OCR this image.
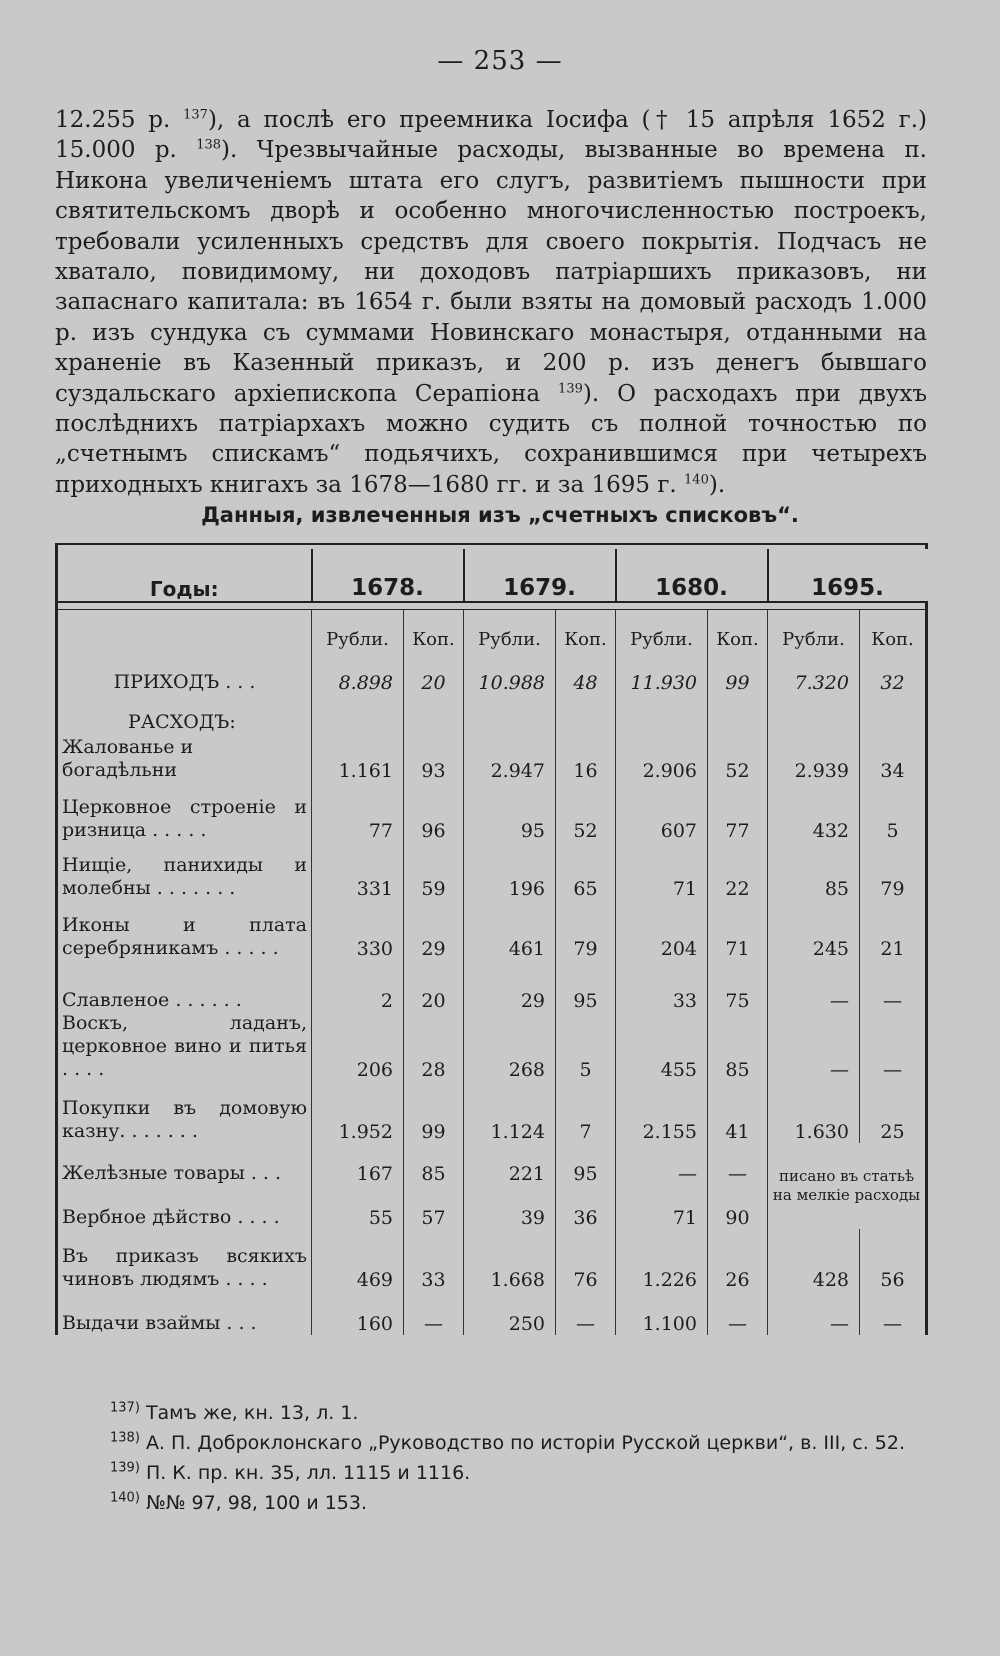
— 253 —

12.255 р. $^{137}$), а послѣ его преемника Іосифа († 15 апрѣля 1652 г.) 15.000 р. $^{138}$). Чрезвычайные расходы, вызванные во времена п. Никона увеличеніемъ штата его слугъ, развитіемъ пышности при святительскомъ дворѣ и особенно многочисленностью построекъ, требовали усиленныхъ средствъ для своего покрытія. Подчасъ не хватало, повидимому, ни доходовъ патріаршихъ приказовъ, ни запаснаго капитала: въ 1654 г. были взяты на домовый расходъ 1.000 р. изъ сундука съ суммами Новинскаго монастыря, отданными на храненіе въ Казенный приказъ, и 200 р. изъ денегъ бывшаго суздальскаго архіепископа Серапіона $^{139}$). О расходахъ при двухъ послѣднихъ патріархахъ можно судить съ полной точностью по „счетнымъ спискамъ“ подьячихъ, сохранившимся при четырехъ приходныхъ книгахъ за 1678—1680 гг. и за 1695 г. $^{140}$).

Данныя, извлеченныя изъ „счетныхъ списковъ“.

Годы:	1678.		1679.		1680.		1695.	

	Рубли.	Коп.	Рубли.	Коп.	Рубли.	Коп.	Рубли.	Коп.
ПРИХОДЪ . . .	8.898	20	10.988	48	11.930	99	7.320	32
РАСХОДЪ:								
Жалованье и богадѣльни	1.161	93	2.947	16	2.906	52	2.939	34
Церковное строеніе и ризница . . . . .	77	96	95	52	607	77	432	5
Нищіе, панихиды и молебны . . . . . . .	331	59	196	65	71	22	85	79
Иконы и плата серебряникамъ . . . . .	330	29	461	79	204	71	245	21
Славленое . . . . . .	2	20	29	95	33	75	—	—
Воскъ, ладанъ, церковное вино и питья . . . .	206	28	268	5	455	85	—	—
Покупки въ домовую казну. . . . . . .	1.952	99	1.124	7	2.155	41	1.630	25
Желѣзные товары . . .	167	85	221	95	—	—	писано въ статьѣ на мелкіе расходы	
Вербное дѣйство . . . .	55	57	39	36	71	90		
Въ приказъ всякихъ чиновъ людямъ . . . .	469	33	1.668	76	1.226	26	428	56
Выдачи взаймы . . .	160	—	250	—	1.100	—	—	—
$^{137)}$ Тамъ же, кн. 13, л. 1.
$^{138)}$ А. П. Доброклонскаго „Руководство по исторіи Русской церкви“, в. III, с. 52.
$^{139)}$ П. К. пр. кн. 35, лл. 1115 и 1116.
$^{140)}$ №№ 97, 98, 100 и 153.
